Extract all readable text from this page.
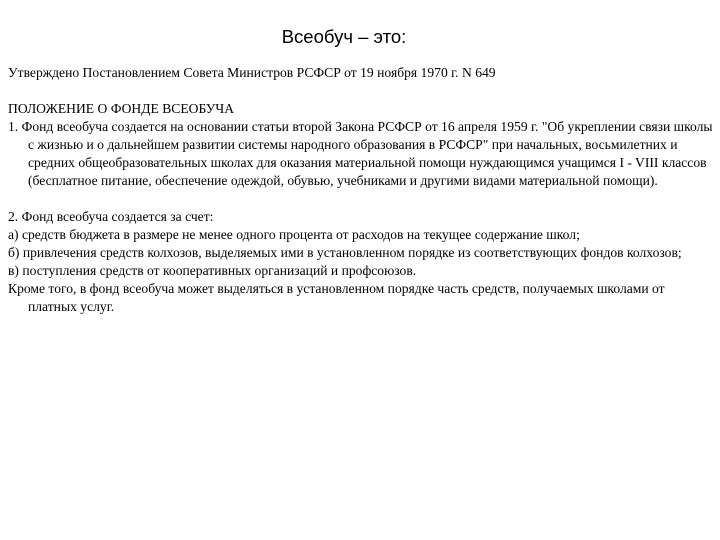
Всеобуч – это:

Утверждено Постановлением Совета Министров РСФСР от 19 ноября 1970 г. N 649

ПОЛОЖЕНИЕ О ФОНДЕ ВСЕОБУЧА

1. Фонд всеобуча создается на основании статьи второй Закона РСФСР от 16 апреля 1959 г. "Об укреплении связи школы с жизнью и о дальнейшем развитии системы народного образования в РСФСР" при начальных, восьмилетних и средних общеобразовательных школах для оказания материальной помощи нуждающимся учащимся I - VIII классов (бесплатное питание, обеспечение одеждой, обувью, учебниками и другими видами материальной помощи).

2. Фонд всеобуча создается за счет:

а) средств бюджета в размере не менее одного процента от расходов на текущее содержание школ;

б) привлечения средств колхозов, выделяемых ими в установленном порядке из соответствующих фондов колхозов;

в) поступления средств от кооперативных организаций и профсоюзов.

Кроме того, в фонд всеобуча может выделяться в установленном порядке часть средств, получаемых школами от платных услуг.
